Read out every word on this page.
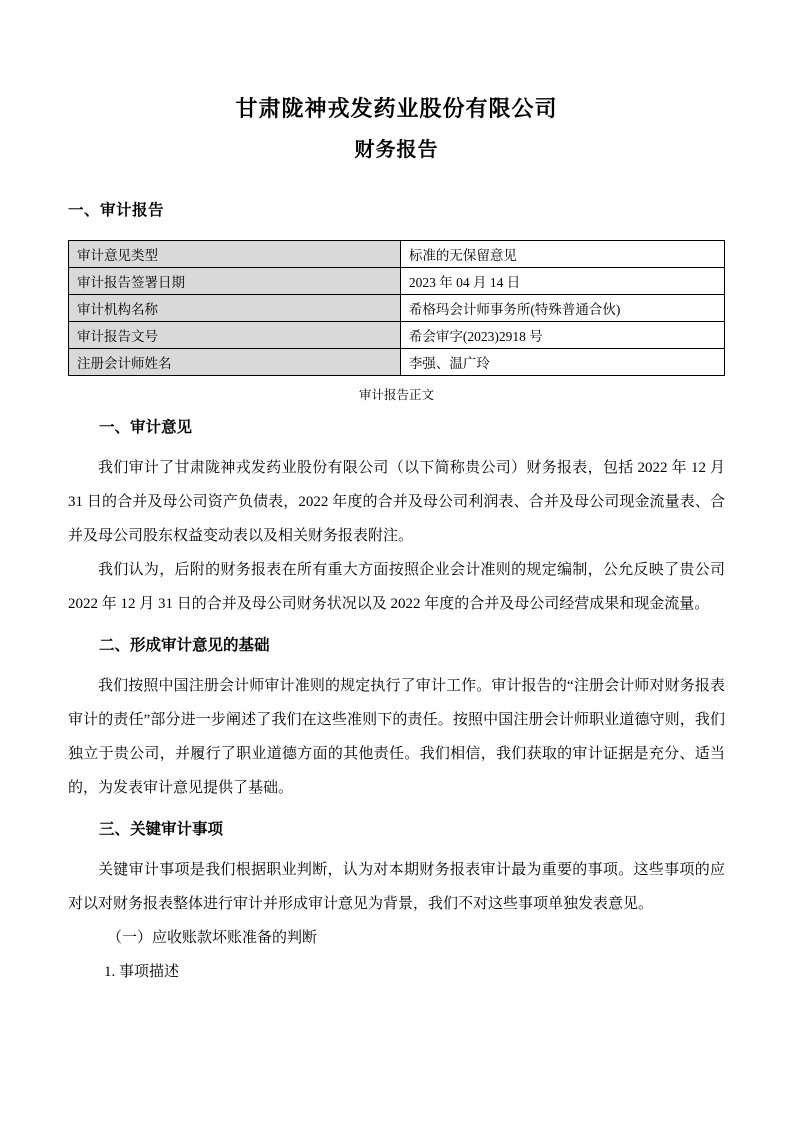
甘肃陇神戎发药业股份有限公司
财务报告
一、审计报告
审计意见类型	标准的无保留意见
审计报告签署日期	2023 年 04 月 14 日
审计机构名称	希格玛会计师事务所(特殊普通合伙)
审计报告文号	希会审字(2023)2918 号
注册会计师姓名	李强、温广玲
审计报告正文
一、审计意见

我们审计了甘肃陇神戎发药业股份有限公司（以下简称贵公司）财务报表，包括 2022 年 12 月 31 日的合并及母公司资产负债表，2022 年度的合并及母公司利润表、合并及母公司现金流量表、合并及母公司股东权益变动表以及相关财务报表附注。

我们认为，后附的财务报表在所有重大方面按照企业会计准则的规定编制，公允反映了贵公司 2022 年 12 月 31 日的合并及母公司财务状况以及 2022 年度的合并及母公司经营成果和现金流量。

二、形成审计意见的基础

我们按照中国注册会计师审计准则的规定执行了审计工作。审计报告的“注册会计师对财务报表审计的责任”部分进一步阐述了我们在这些准则下的责任。按照中国注册会计师职业道德守则，我们独立于贵公司，并履行了职业道德方面的其他责任。我们相信，我们获取的审计证据是充分、适当的，为发表审计意见提供了基础。

三、关键审计事项

关键审计事项是我们根据职业判断，认为对本期财务报表审计最为重要的事项。这些事项的应对以对财务报表整体进行审计并形成审计意见为背景，我们不对这些事项单独发表意见。

（一）应收账款坏账准备的判断
1. 事项描述
